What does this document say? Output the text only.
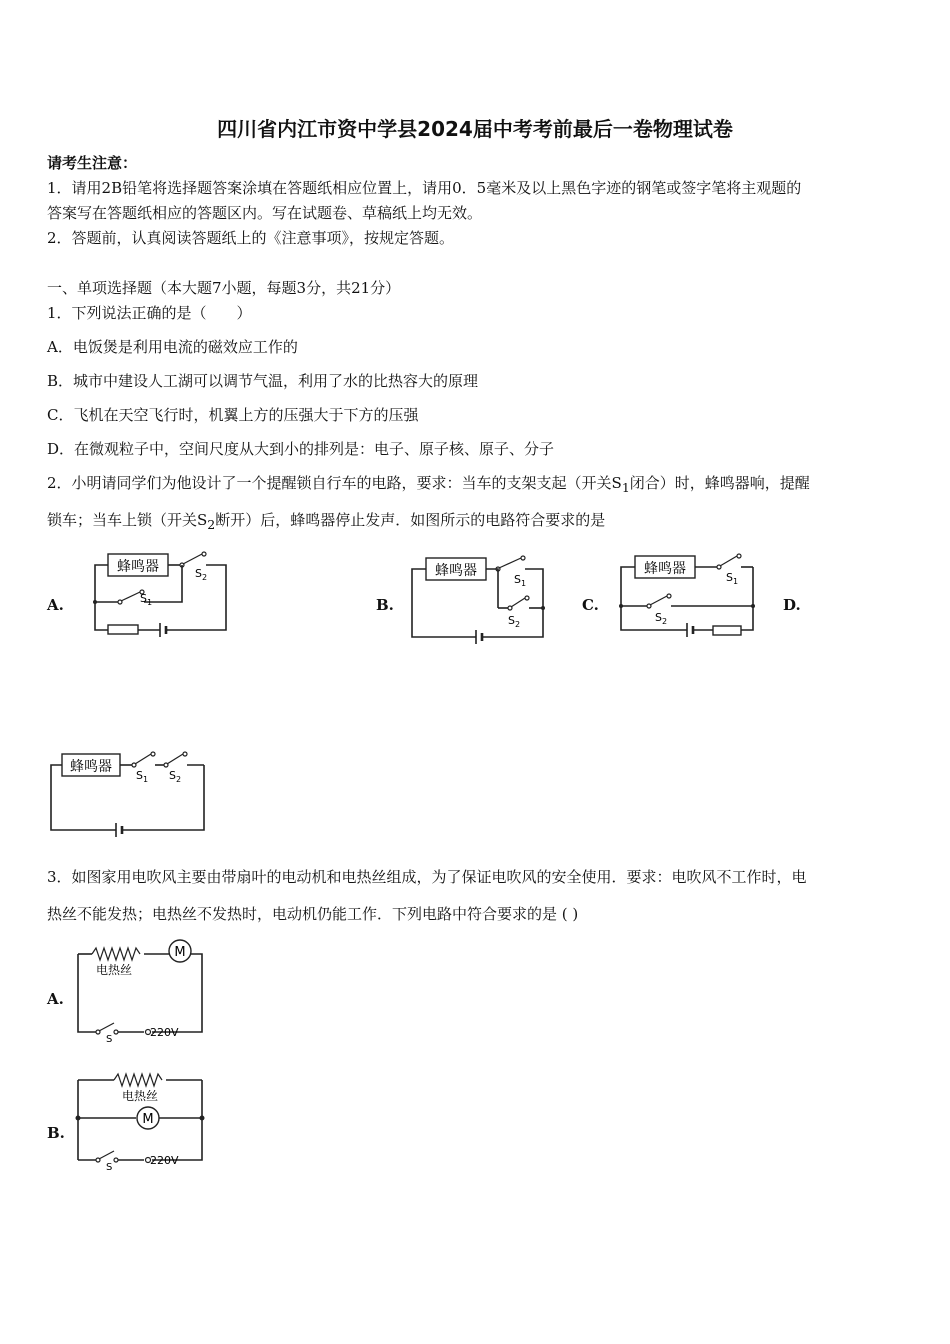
四川省内江市资中学县2024届中考考前最后一卷物理试卷
请考生注意：
1．请用2B铅笔将选择题答案涂填在答题纸相应位置上，请用0．5毫米及以上黑色字迹的钢笔或签字笔将主观题的
答案写在答题纸相应的答题区内。写在试题卷、草稿纸上均无效。
2．答题前，认真阅读答题纸上的《注意事项》，按规定答题。
一、单项选择题（本大题7小题，每题3分，共21分）
1．下列说法正确的是（　　）
A．电饭煲是利用电流的磁效应工作的
B．城市中建设人工湖可以调节气温，利用了水的比热容大的原理
C．飞机在天空飞行时，机翼上方的压强大于下方的压强
D．在微观粒子中，空间尺度从大到小的排列是：电子、原子核、原子、分子
2．小明请同学们为他设计了一个提醒锁自行车的电路，要求：当车的支架支起（开关$S_1$闭合）时，蜂鸣器响，提醒
锁车；当车上锁（开关$S_2$断开）后，蜂鸣器停止发声．如图所示的电路符合要求的是
A.	B.	C.	D.
蜂鸣器	S 2
S 1
蜂鸣器
S 1
S 2
蜂鸣器
S 1
S 2
蜂鸣器
S 1 S 2
3．如图家用电吹风主要由带扇叶的电动机和电热丝组成，为了保证电吹风的安全使用．要求：电吹风不工作时，电
热丝不能发热；电热丝不发热时，电动机仍能工作．下列电路中符合要求的是 ( )
A.
B.
M
电热丝
S
220V
电热丝
M
S
220V
